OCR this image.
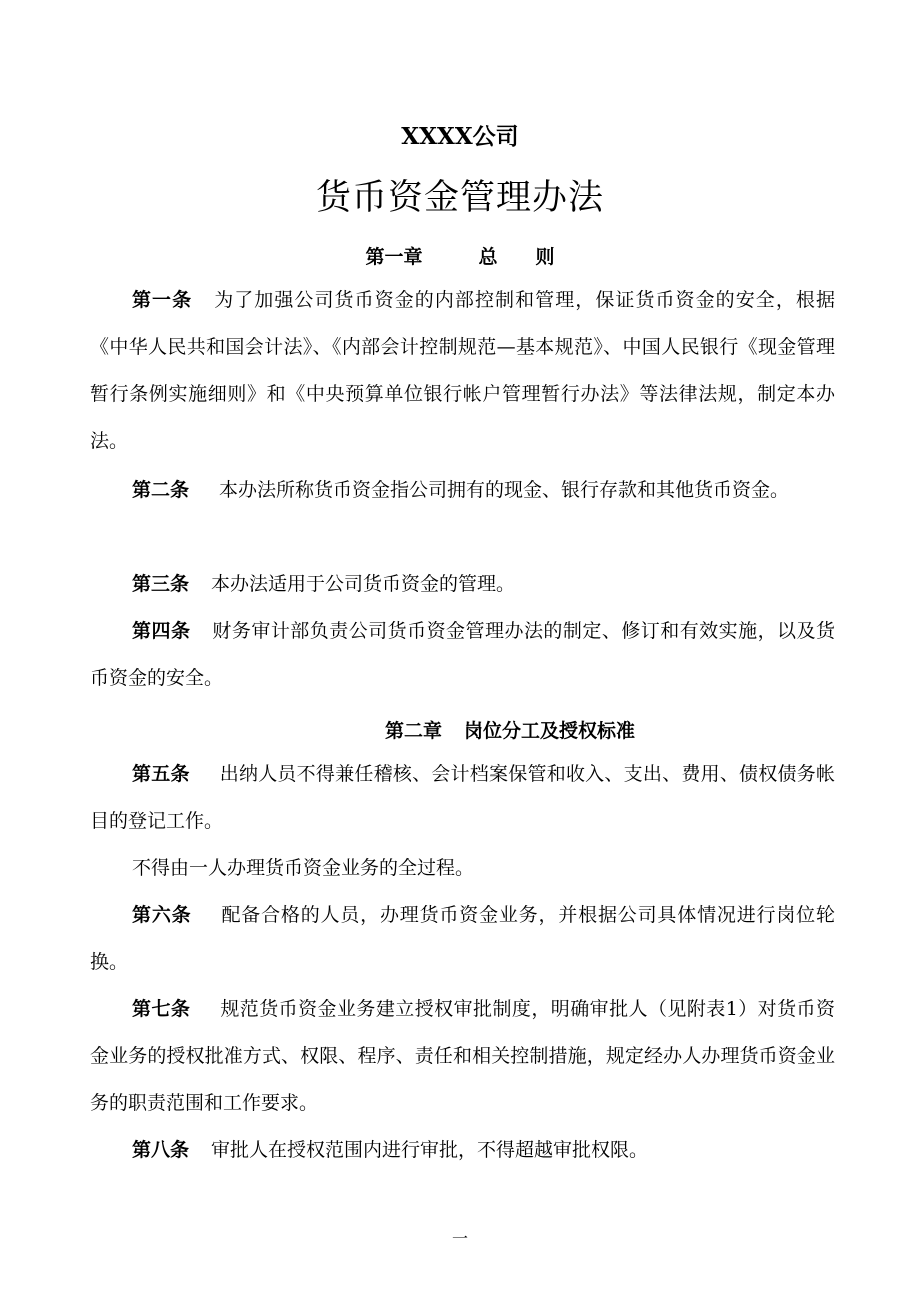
XXXX公司
货币资金管理办法
第一章	总　　则
第一条 为了加强公司货币资金的内部控制和管理，保证货币资金的安全，根据《中华人民共和国会计法》、《内部会计控制规范—基本规范》、中国人民银行《现金管理暂行条例实施细则》和《中央预算单位银行帐户管理暂行办法》等法律法规，制定本办法。
第二条 本办法所称货币资金指公司拥有的现金、银行存款和其他货币资金。
第三条 本办法适用于公司货币资金的管理。
第四条 财务审计部负责公司货币资金管理办法的制定、修订和有效实施，以及货币资金的安全。
第二章 岗位分工及授权标准
第五条 出纳人员不得兼任稽核、会计档案保管和收入、支出、费用、债权债务帐目的登记工作。
不得由一人办理货币资金业务的全过程。
第六条 配备合格的人员，办理货币资金业务，并根据公司具体情况进行岗位轮换。
第七条 规范货币资金业务建立授权审批制度，明确审批人（见附表1）对货币资金业务的授权批准方式、权限、程序、责任和相关控制措施，规定经办人办理货币资金业务的职责范围和工作要求。
第八条 审批人在授权范围内进行审批，不得超越审批权限。
一
